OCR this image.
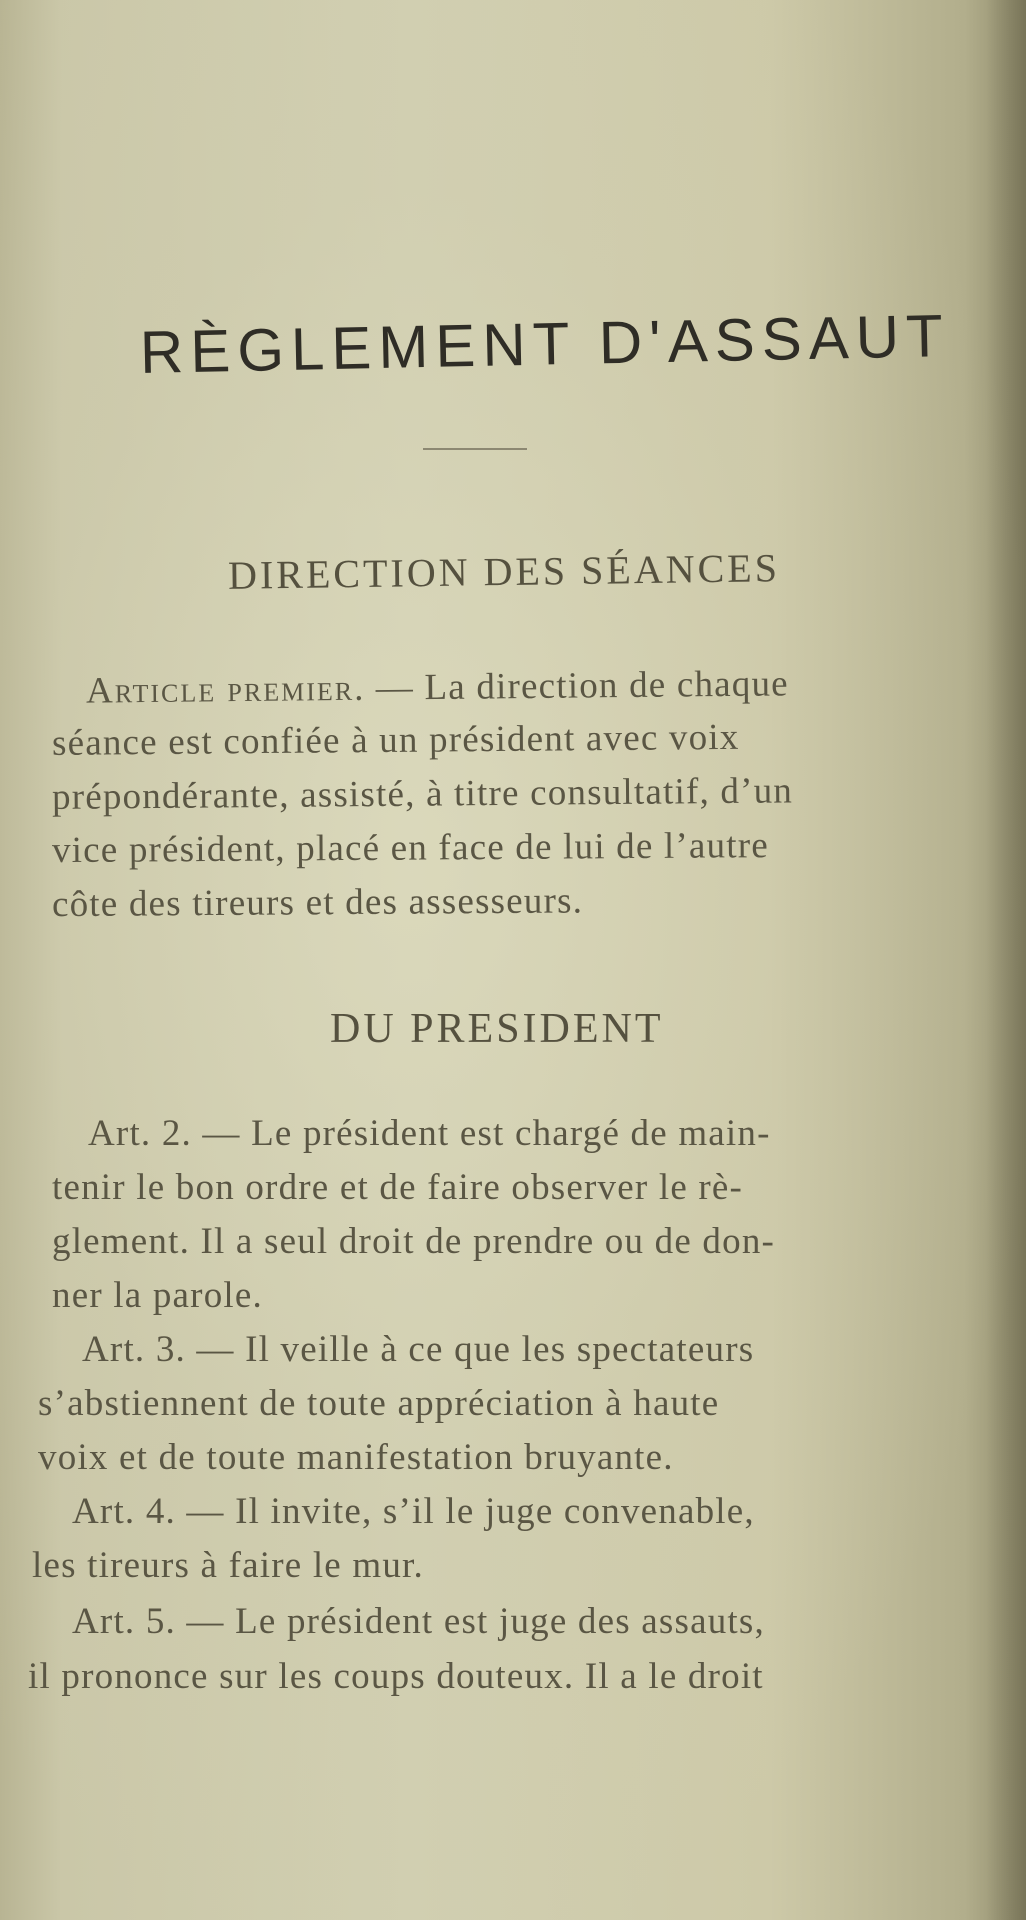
RÈGLEMENT D'ASSAUT
DIRECTION DES SÉANCES
Article premier. — La direction de chaque
séance est confiée à un président avec voix
prépondérante, assisté, à titre consultatif, d’un
vice président, placé en face de lui de l’autre
côte des tireurs et des assesseurs.
DU PRESIDENT
Art. 2. — Le président est chargé de main-
tenir le bon ordre et de faire observer le rè-
glement. Il a seul droit de prendre ou de don-
ner la parole.
Art. 3. — Il veille à ce que les spectateurs
s’abstiennent de toute appréciation à haute
voix et de toute manifestation bruyante.
Art. 4. — Il invite, s’il le juge convenable,
les tireurs à faire le mur.
Art. 5. — Le président est juge des assauts,
il prononce sur les coups douteux. Il a le droit
